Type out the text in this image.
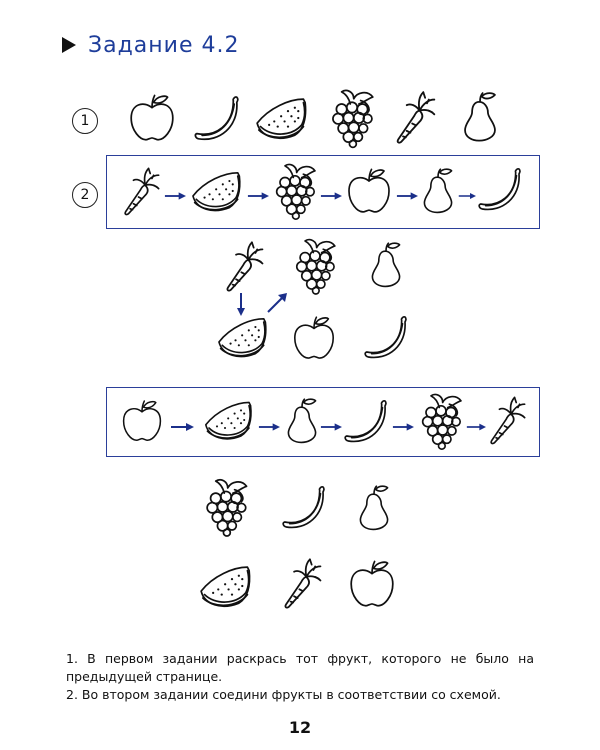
Задание 4.2
1
2

1. В первом задании раскрась тот фрукт, которого не было на предыдущей странице.

2. Во втором задании соедини фрукты в соответствии со схемой.

12
